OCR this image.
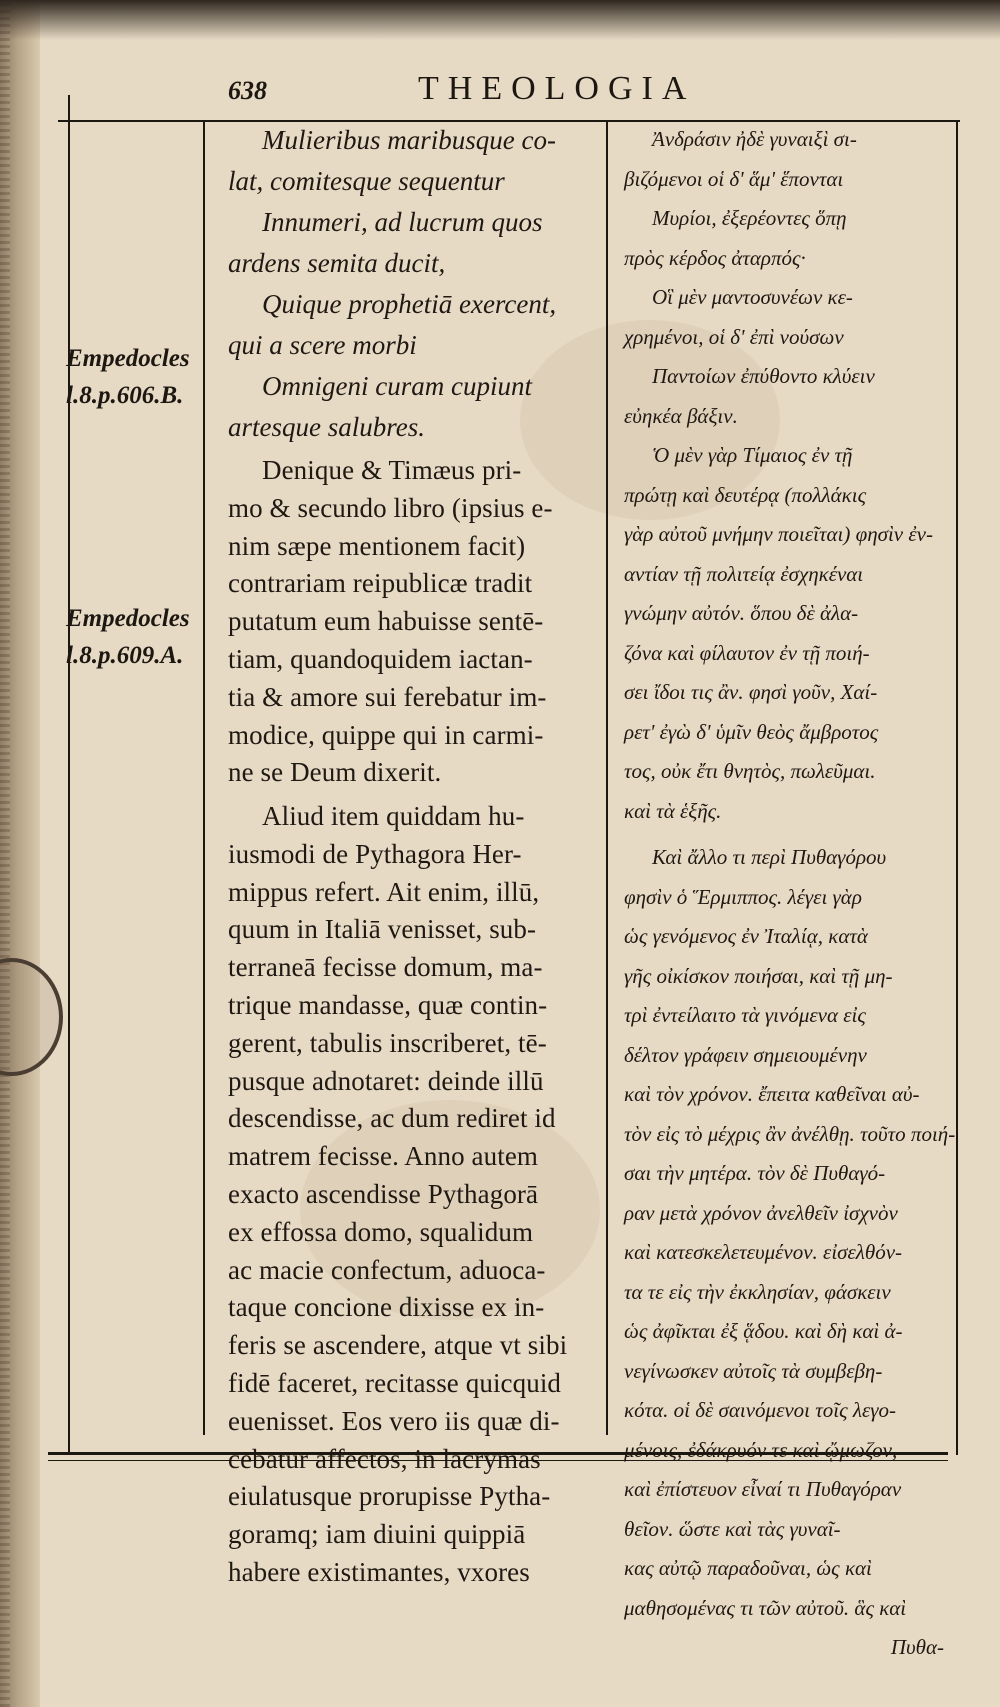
638	THEOLOGIA
Empedocles
l.8.p.606.B.
Empedocles
l.8.p.609.A.

Mulieribus maribusque co-

lat, comitesque sequentur

Innumeri, ad lucrum quos

ardens semita ducit,

Quique prophetiā exercent,

qui a scere morbi

Omnigeni curam cupiunt

artesque salubres.

Denique & Timæus pri-

mo & secundo libro (ipsius e-

nim sæpe mentionem facit)

contrariam reipublicæ tradit

putatum eum habuisse sentē-

tiam, quandoquidem iactan-

tia & amore sui ferebatur im-

modice, quippe qui in carmi-

ne se Deum dixerit.

Aliud item quiddam hu-

iusmodi de Pythagora Her-

mippus refert. Ait enim, illū,

quum in Italiā venisset, sub-

terraneā fecisse domum, ma-

trique mandasse, quæ contin-

gerent, tabulis inscriberet, tē-

pusque adnotaret: deinde illū

descendisse, ac dum rediret id

matrem fecisse. Anno autem

exacto ascendisse Pythagorā

ex effossa domo, squalidum

ac macie confectum, aduoca-

taque concione dixisse ex in-

feris se ascendere, atque vt sibi

fidē faceret, recitasse quicquid

euenisset. Eos vero iis quæ di-

cebatur affectos, in lacrymas

eiulatusque prorupisse Pytha-

goramq; iam diuini quippiā

habere existimantes, vxores

Ἀνδράσιν ἠδὲ γυναιξὶ σι-

βιζόμενοι οἱ δ' ἅμ' ἕπονται

Μυρίοι, ἐξερέοντες ὅπῃ

πρὸς κέρδος ἀταρπός·

Οἳ μὲν μαντοσυνέων κε-

χρημένοι, οἱ δ' ἐπὶ νούσων

Παντοίων ἐπύθοντο κλύειν

εὐηκέα βάξιν.

Ὁ μὲν γὰρ Τίμαιος ἐν τῇ

πρώτῃ καὶ δευτέρᾳ (πολλάκις

γὰρ αὐτοῦ μνήμην ποιεῖται) φησὶν ἐν-

αντίαν τῇ πολιτείᾳ ἐσχηκέναι

γνώμην αὐτόν. ὅπου δὲ ἀλα-

ζόνα καὶ φίλαυτον ἐν τῇ ποιή-

σει ἴδοι τις ἂν. φησὶ γοῦν, Χαί-

ρετ' ἐγὼ δ' ὑμῖν θεὸς ἄμβροτος

τος, οὐκ ἔτι θνητὸς, πωλεῦμαι.

καὶ τὰ ἑξῆς.

Καὶ ἄλλο τι περὶ Πυθαγόρου

φησὶν ὁ Ἕρμιππος. λέγει γὰρ

ὡς γενόμενος ἐν Ἰταλίᾳ, κατὰ

γῆς οἰκίσκον ποιήσαι, καὶ τῇ μη-

τρὶ ἐντείλαιτο τὰ γινόμενα εἰς

δέλτον γράφειν σημειουμένην

καὶ τὸν χρόνον. ἔπειτα καθεῖναι αὐ-

τὸν εἰς τὸ μέχρις ἂν ἀνέλθῃ. τοῦτο ποιή-

σαι τὴν μητέρα. τὸν δὲ Πυθαγό-

ραν μετὰ χρόνον ἀνελθεῖν ἰσχνὸν

καὶ κατεσκελετευμένον. εἰσελθόν-

τα τε εἰς τὴν ἐκκλησίαν, φάσκειν

ὡς ἀφῖκται ἐξ ᾅδου. καὶ δὴ καὶ ἀ-

νεγίνωσκεν αὐτοῖς τὰ συμβεβη-

κότα. οἱ δὲ σαινόμενοι τοῖς λεγο-

μένοις, ἐδάκρυόν τε καὶ ᾤμωζον,

καὶ ἐπίστευον εἶναί τι Πυθαγόραν

θεῖον. ὥστε καὶ τὰς γυναῖ-

κας αὐτῷ παραδοῦναι, ὡς καὶ

μαθησομένας τι τῶν αὐτοῦ. ἃς καὶ

Πυθα-
